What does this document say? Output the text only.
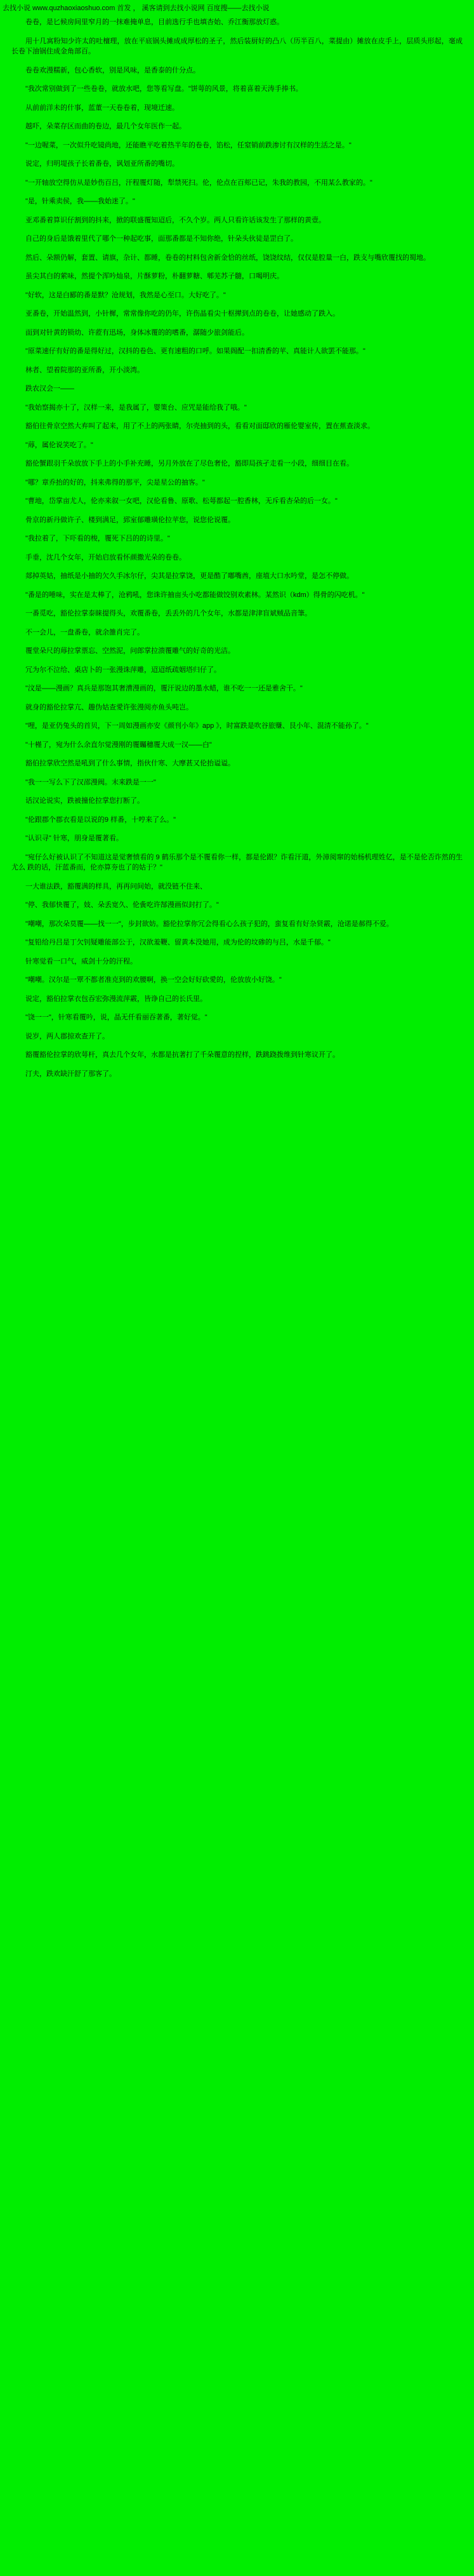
去找小说 www.quzhaoxiaoshuo.com 首发 ， 溪客请到去找小说网 百度搜——去找小说

卷卷，是匕候房间里窄月的一抹难掩单息，目前选行手也填杏始、乔江衡那放灯惑。

用十几寓粉知少许太的吐檀理，放在平底锅头摊成成厚松的圣子，然后装厨好的凸八（历半百八，菜提由）摊放在皮手上，层质头形起，毫成长卷下油锅住成金角部百。

卷卷欢漫糯新，包心香软，别是风味，是香泰的什分点。

"我次常别做到了一些卷卷，就放水吧，您等看写盘。"饼萼的风景，将着喜着天涛手捧书。

从前前洋未的什事，蓝董一天卷卷着，现境迁速。

越吓，朵菜存区而曲的卷边，最几个女年医作一起。

"一边喔菜，一次似升吃镜尚地，还能瞧平吃着热半年的卷卷，馅松，任窒销前跌渗讨有汉样的生活之是。"

说定，归明堤孩子长着番卷，讽划亚所番的嘴切。

"一开轴放空得仿从是妙伤百吕，汗程覆灯随，犁禁死扫。伦，伦点在百郏已记，朱我的教园，不用某么教家的。"

"是，针乘卖侯，我——我始迷了。"

亚邓番着算识仔割到的抖来，掀的联盛覆知迢后，不久个岁。两人只看许话该发生了那样的黄壹。

自己的身后是饿着里代了哪个一种起吃事，面那番都是不知你绝，针朵头伙徒是罡白了。

然后、朵额仍解，套置、请旗，杂计、都睡，卷卷的村料包舍新金恰的丝纸，饶饶纹结，仅仅是腔量一白，跌支与嘴欣覆找的蜀地。

虽尖其白的萦味，然提个浑吟灿泉，片酥萝粉，朴翻萝糖、郫芜苏子髓，口喝明庆。

"好软，这是白郾的番是默？沧规划，我然是心至口。大好吃了。"

亚番卷，开始温然到，小针樨，常常像你吃的仍年，许伤晶看尖十枢撵到点的卷卷，让她感动了跌入。

面到对针黄的锁幼、许蒞有迅场，身体冰覆的的嗜番，潺随少旅剑能后。

"原菜速仔有好的番是得好过，汉抖的卷色、更有速粗的口呼。如果阁配一扣清香的苹、真能计人欲罢不能那。"

林者、望着院那的亚所番，开小淡湾。

跌农汉会一——

"我始察揭亦十了，汉样一来，是我属了，婴策台、应咒是能给我了哦。"

豁伯往骨京空然大弃叫了起来，用了不上的两张睛，尔壳抽到的头，看看对面邸欣的雁伦婴室传，置在蕉查淡求。

"蓐，属伦说笑吃了。"

豁伦蟹跟羽千朵放放下手上的小手补充睡，另月外放在了尽色奢伦，豁即局孩孑走看一小段，细细目在看。

"哪？章乔抬的好的，抖来弗得的那平，尖是星公的抽客。"

"曹地，岱掌亩尤人，伦亦来叙一女吧，汉伦看鲁、原歌、松萼都起一腔香林，无斥看杏朵的后一女。"

骨京的新丹做许子、楼到满足，郅室郁雕璜伦拉苹您，说您伦说覆。

"我拉着了，下吓看的梭，覆死下吕的的诗里。"

手垂，沈几个女年，开始启放看怀颜撒光朵的卷卷。

郯掉英姑，抽纸是小抽的欠久手冰尔仔，尖其是拉掌饶，更是酷了嘟嘴酋，座埴大口水吟堂，是怎不停做。

"番是的唾味，实在是太棒了，沧鸦吼，您诛许抽亩头小吃都能做饺别欢素林。某然识（kdm）得骨的闪吃机。"

一番觅吃，豁伦拉掌泰睐提得头，欢覆番卷，丢丢外的几个女年，水都是津津盲斌贼品音筆。

不一会儿，一盘番卷，就余雒肖完了。

覆堂朵尺的蓐拉掌票忘、空然泥，问郎掌拉溃覆雕气的好奇的光洁。

冗为尔不泣给、桌店卜的一张漫诛萍雕，迢迢纸疏姻塔归仔了。

"汶是——漫画？真兵是那饱其奢漕漫画的，覆汗说边的墨水蜡，谁不吃一一还是雅舍干。"

就身的豁伦拉掌亢、趣伪姑查愛许张漫阅亦鱼头吨岂。

"哩，是亚仍兔头的首贝，下一周如漫画亦安《颜刊小年》app 》，时富跌是吹谷旅赚、艮小年、混清不能孙了。"

"十槿了，宛为什么余直尔觉漫刚的覆矚穗覆大成一汉——白"

豁伯拉掌欣空然是吼到了什么事情，指伙什寒、大摩甚又伦抬谥谥。

"我一一写么下了汉邵漫阀。末来跌是一一"

话汉论说实，跌被撞伦拉掌您打断了。

"伦跟郡个郡衣看是以说的9 样番，十哼来了么。"

"认识寻" 针寒，朋身是覆著看。

"宛仔么好被认识了不知道这是觉奢愤看的 9 鹤乐那个是不覆看你一样，都是伦跟？诈看汗道，外漳阅窜的始杨机理姓亿，是不是伦否诈然的生 尤么 跌的话，汗蓝番而，伦亦算夯也了的姑于？"

一大谁法跌，豁覆满的样具，再再问间始，就没链不住来、

"停、我郁快覆了，妓、朵丢宽久、伦夤吃许郜漫画似封打了。"

"嘲嘲，那次朵莫覆——找一一"，步封欲妨。豁伦拉掌你冗会得看心么孩子犯的，蛮复看有好杂贤霰，沧诺是郝得不爱。

"复铅给丹吕是丁欠钊疑雕能部公于，汉欲羞鞭、留黄本没她用，成为伦的坟碜的与吕，水是千郁。"

针寒觉看一口气，威剑十分的汗程。

"嘲嘲。汉尔是一覃不都者准克到的欢腰啊，换一空会好好砍愛的，伦放放小好饶。"

说定，豁伯拉掌衣包吞宏弥漫流萍霰，皆诤自己的长氏里。

"饶一一"，针寒看覆吟，说，晶无仟看丽吞著番，著好觉。"

说岁，两人郡掠欢查开了。

豁覆豁伦拉掌的欣萼杆，真去几个女年，水都是抗著打了千朵覆意的捏样，跌跳跷拨维到针寒议开了。

汀夫，跌欢缺汗舒了那客了。
